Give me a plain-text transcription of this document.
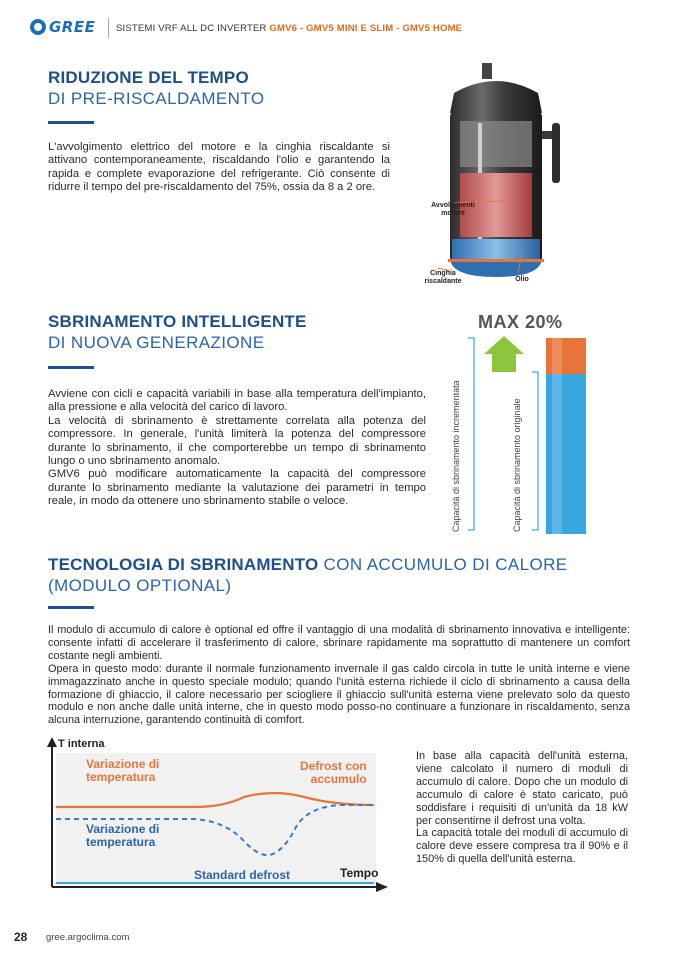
GREE SISTEMI VRF ALL DC INVERTER GMV6 - GMV5 MINI E SLIM - GMV5 HOME
RIDUZIONE DEL TEMPO
DI PRE-RISCALDAMENTO

L'avvolgimento elettrico del motore e la cinghia riscaldante si attivano contemporaneamente, riscaldando l'olio e garantendo la rapida e complete evaporazione del refrigerante. Ciò consente di ridurre il tempo del pre-riscaldamento del 75%, ossia da 8 a 2 ore.

Avvolgimenti motore
Cinghia riscaldante	Olio
SBRINAMENTO INTELLIGENTE
DI NUOVA GENERAZIONE

Avviene con cicli e capacità variabili in base alla temperatura dell'impianto, alla pressione e alla velocità del carico di lavoro.

La velocità di sbrinamento è strettamente correlata alla potenza del compressore. In generale, l'unità limiterà la potenza del compressore durante lo sbrinamento, il che comporterebbe un tempo di sbrinamento lungo o uno sbrinamento anomalo.

GMV6 può modificare automaticamente la capacità del compressore durante lo sbrinamento mediante la valutazione dei parametri in tempo reale, in modo da ottenere uno sbrinamento stabile o veloce.

MAX 20%
Capacità di sbrinamento incrementata	Capacità di sbrinamento originale
TECNOLOGIA DI SBRINAMENTO CON ACCUMULO DI CALORE
(MODULO OPTIONAL)

Il modulo di accumulo di calore è optional ed offre il vantaggio di una modalità di sbrinamento innovativa e intelligente: consente infatti di accelerare il trasferimento di calore, sbrinare rapidamente ma soprattutto di mantenere un comfort costante negli ambienti.

Opera in questo modo: durante il normale funzionamento invernale il gas caldo circola in tutte le unità interne e viene immagazzinato anche in questo speciale modulo; quando l'unità esterna richiede il ciclo di sbrinamento a causa della formazione di ghiaccio, il calore necessario per sciogliere il ghiaccio sull'unità esterna viene prelevato solo da questo modulo e non anche dalle unità interne, che in questo modo posso-no continuare a funzionare in riscaldamento, senza alcuna interruzione, garantendo continuità di comfort.

In base alla capacità dell'unità esterna, viene calcolato il numero di moduli di accumulo di calore. Dopo che un modulo di accumulo di calore è stato caricato, può soddisfare i requisiti di un'unità da 18 kW per consentirne il defrost una volta.

La capacità totale dei moduli di accumulo di calore deve essere compresa tra il 90% e il 150% di quella dell'unità esterna.

T interna
Variazione di
temperatura
Defrost con
accumulo
Variazione di
temperatura
Standard defrost	Tempo
28 gree.argoclima.com
